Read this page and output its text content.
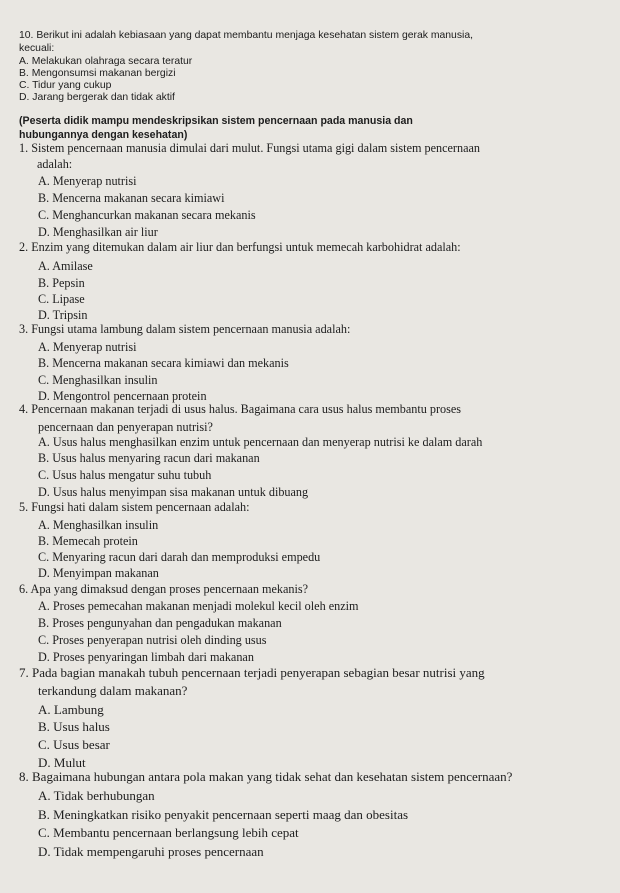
10. Berikut ini adalah kebiasaan yang dapat membantu menjaga kesehatan sistem gerak manusia,

kecuali:

A. Melakukan olahraga secara teratur

B. Mengonsumsi makanan bergizi

C. Tidur yang cukup

D. Jarang bergerak dan tidak aktif

(Peserta didik mampu mendeskripsikan sistem pencernaan pada manusia dan

hubungannya dengan kesehatan)

1. Sistem pencernaan manusia dimulai dari mulut. Fungsi utama gigi dalam sistem pencernaan

adalah:

A. Menyerap nutrisi

B. Mencerna makanan secara kimiawi

C. Menghancurkan makanan secara mekanis

D. Menghasilkan air liur

2. Enzim yang ditemukan dalam air liur dan berfungsi untuk memecah karbohidrat adalah:

A. Amilase

B. Pepsin

C. Lipase

D. Tripsin

3. Fungsi utama lambung dalam sistem pencernaan manusia adalah:

A. Menyerap nutrisi

B. Mencerna makanan secara kimiawi dan mekanis

C. Menghasilkan insulin

D. Mengontrol pencernaan protein

4. Pencernaan makanan terjadi di usus halus. Bagaimana cara usus halus membantu proses

pencernaan dan penyerapan nutrisi?

A. Usus halus menghasilkan enzim untuk pencernaan dan menyerap nutrisi ke dalam darah

B. Usus halus menyaring racun dari makanan

C. Usus halus mengatur suhu tubuh

D. Usus halus menyimpan sisa makanan untuk dibuang

5. Fungsi hati dalam sistem pencernaan adalah:

A. Menghasilkan insulin

B. Memecah protein

C. Menyaring racun dari darah dan memproduksi empedu

D. Menyimpan makanan

6. Apa yang dimaksud dengan proses pencernaan mekanis?

A. Proses pemecahan makanan menjadi molekul kecil oleh enzim

B. Proses pengunyahan dan pengadukan makanan

C. Proses penyerapan nutrisi oleh dinding usus

D. Proses penyaringan limbah dari makanan

7. Pada bagian manakah tubuh pencernaan terjadi penyerapan sebagian besar nutrisi yang

terkandung dalam makanan?

A. Lambung

B. Usus halus

C. Usus besar

D. Mulut

8. Bagaimana hubungan antara pola makan yang tidak sehat dan kesehatan sistem pencernaan?

A. Tidak berhubungan

B. Meningkatkan risiko penyakit pencernaan seperti maag dan obesitas

C. Membantu pencernaan berlangsung lebih cepat

D. Tidak mempengaruhi proses pencernaan
